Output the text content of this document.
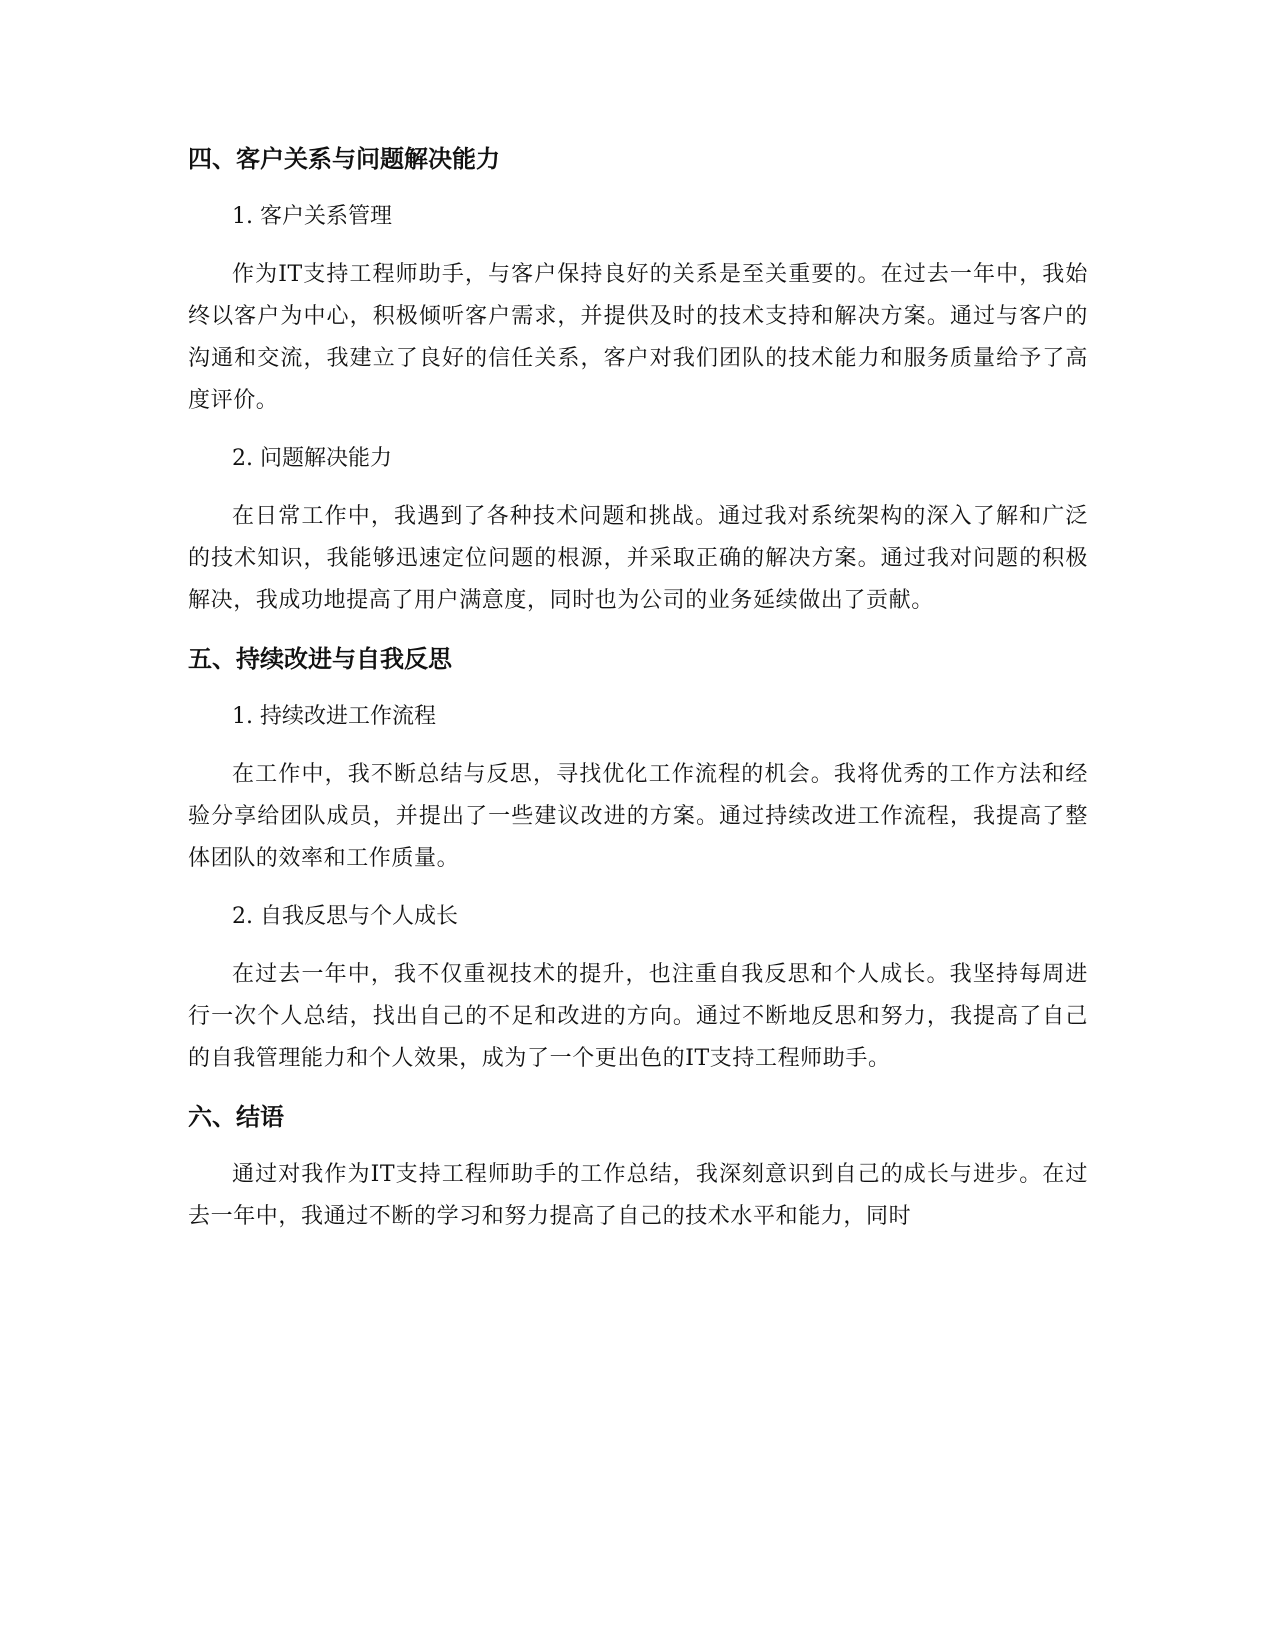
四、客户关系与问题解决能力

1. 客户关系管理

作为IT支持工程师助手，与客户保持良好的关系是至关重要的。在过去一年中，我始终以客户为中心，积极倾听客户需求，并提供及时的技术支持和解决方案。通过与客户的沟通和交流，我建立了良好的信任关系，客户对我们团队的技术能力和服务质量给予了高度评价。

2. 问题解决能力

在日常工作中，我遇到了各种技术问题和挑战。通过我对系统架构的深入了解和广泛的技术知识，我能够迅速定位问题的根源，并采取正确的解决方案。通过我对问题的积极解决，我成功地提高了用户满意度，同时也为公司的业务延续做出了贡献。

五、持续改进与自我反思

1. 持续改进工作流程

在工作中，我不断总结与反思，寻找优化工作流程的机会。我将优秀的工作方法和经验分享给团队成员，并提出了一些建议改进的方案。通过持续改进工作流程，我提高了整体团队的效率和工作质量。

2. 自我反思与个人成长

在过去一年中，我不仅重视技术的提升，也注重自我反思和个人成长。我坚持每周进行一次个人总结，找出自己的不足和改进的方向。通过不断地反思和努力，我提高了自己的自我管理能力和个人效果，成为了一个更出色的IT支持工程师助手。

六、结语

通过对我作为IT支持工程师助手的工作总结，我深刻意识到自己的成长与进步。在过去一年中，我通过不断的学习和努力提高了自己的技术水平和能力，同时
